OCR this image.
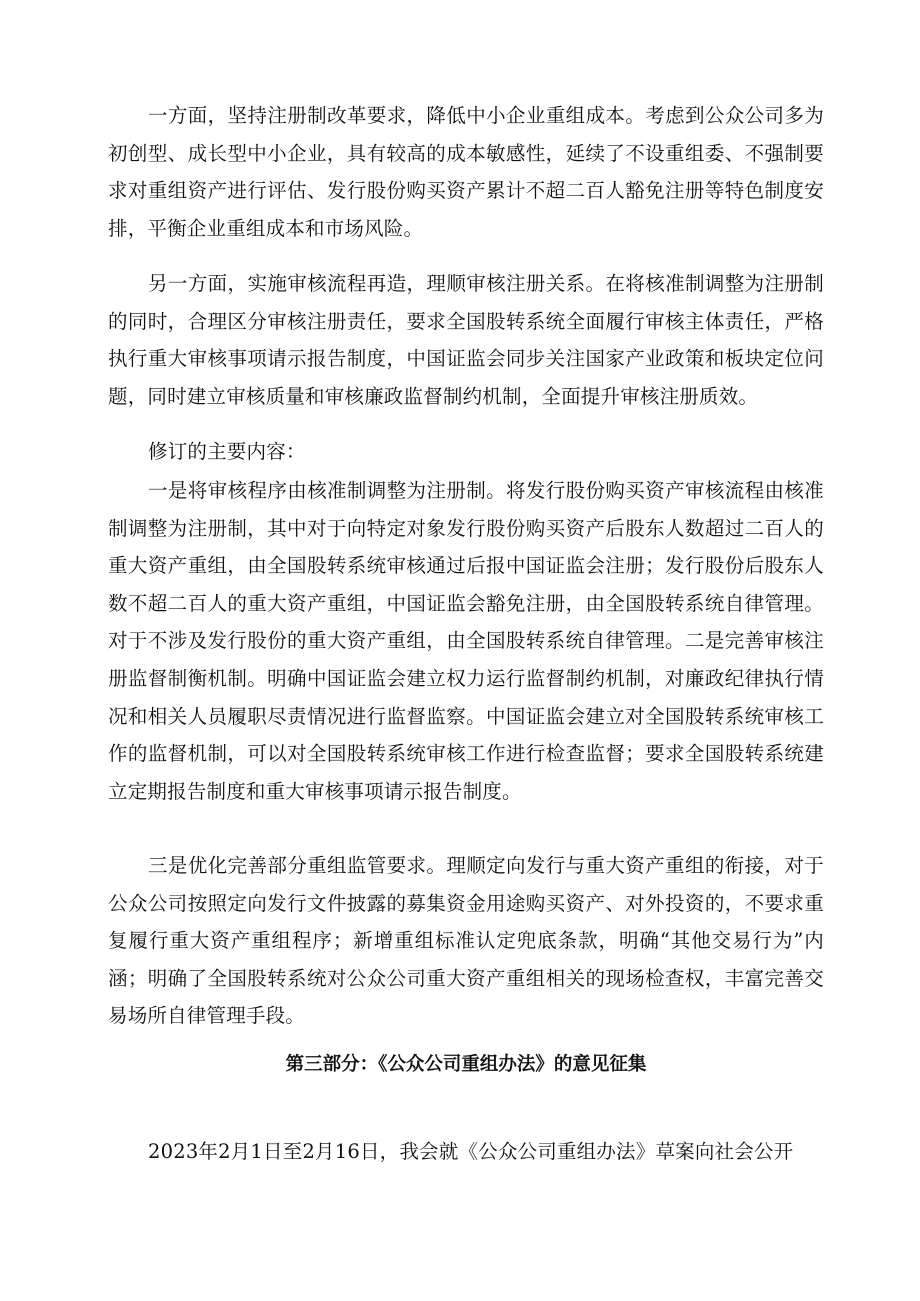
一方面，坚持注册制改革要求，降低中小企业重组成本。考虑到公众公司多为初创型、成长型中小企业，具有较高的成本敏感性，延续了不设重组委、不强制要求对重组资产进行评估、发行股份购买资产累计不超二百人豁免注册等特色制度安排，平衡企业重组成本和市场风险。

另一方面，实施审核流程再造，理顺审核注册关系。在将核准制调整为注册制的同时，合理区分审核注册责任，要求全国股转系统全面履行审核主体责任，严格执行重大审核事项请示报告制度，中国证监会同步关注国家产业政策和板块定位问题，同时建立审核质量和审核廉政监督制约机制，全面提升审核注册质效。

修订的主要内容：

一是将审核程序由核准制调整为注册制。将发行股份购买资产审核流程由核准制调整为注册制，其中对于向特定对象发行股份购买资产后股东人数超过二百人的重大资产重组，由全国股转系统审核通过后报中国证监会注册；发行股份后股东人数不超二百人的重大资产重组，中国证监会豁免注册，由全国股转系统自律管理。对于不涉及发行股份的重大资产重组，由全国股转系统自律管理。二是完善审核注册监督制衡机制。明确中国证监会建立权力运行监督制约机制，对廉政纪律执行情况和相关人员履职尽责情况进行监督监察。中国证监会建立对全国股转系统审核工作的监督机制，可以对全国股转系统审核工作进行检查监督；要求全国股转系统建立定期报告制度和重大审核事项请示报告制度。

三是优化完善部分重组监管要求。理顺定向发行与重大资产重组的衔接，对于公众公司按照定向发行文件披露的募集资金用途购买资产、对外投资的，不要求重复履行重大资产重组程序；新增重组标准认定兜底条款，明确“其他交易行为”内涵；明确了全国股转系统对公众公司重大资产重组相关的现场检查权，丰富完善交易场所自律管理手段。

第三部分：《公众公司重组办法》的意见征集

2023年2月1日至2月16日，我会就《公众公司重组办法》草案向社会公开
